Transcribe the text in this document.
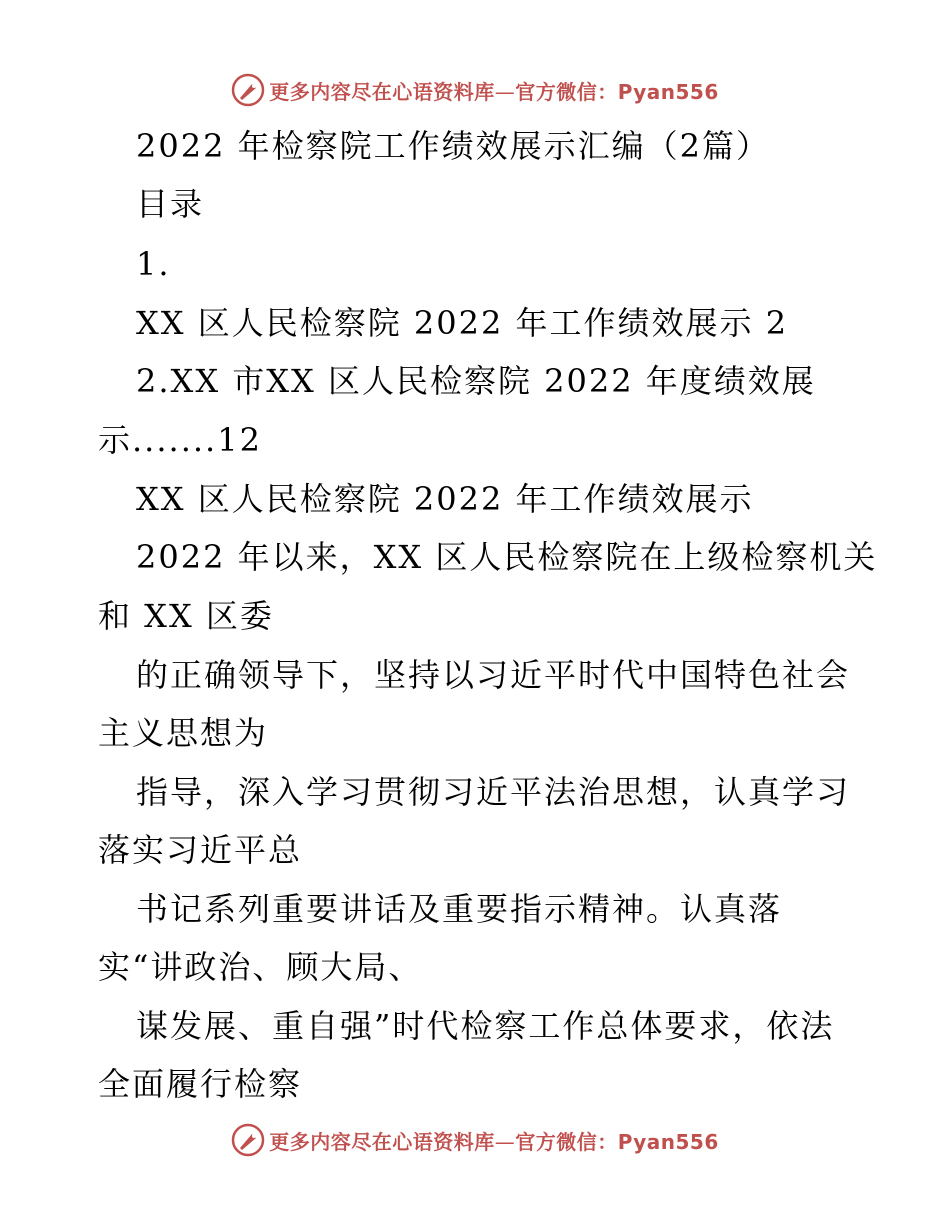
更多内容尽在心语资料库—官方微信：Pyan556
2022 年检察院工作绩效展示汇编（2篇）
目录
1.
XX 区人民检察院 2022 年工作绩效展示 2
2.XX 市XX 区人民检察院 2022 年度绩效展
示.......12
XX 区人民检察院 2022 年工作绩效展示
2022 年以来，XX 区人民检察院在上级检察机关
和 XX 区委
的正确领导下，坚持以习近平时代中国特色社会
主义思想为
指导，深入学习贯彻习近平法治思想，认真学习
落实习近平总
书记系列重要讲话及重要指示精神。认真落
实“讲政治、顾大局、
谋发展、重自强”时代检察工作总体要求，依法
全面履行检察
更多内容尽在心语资料库—官方微信：Pyan556
